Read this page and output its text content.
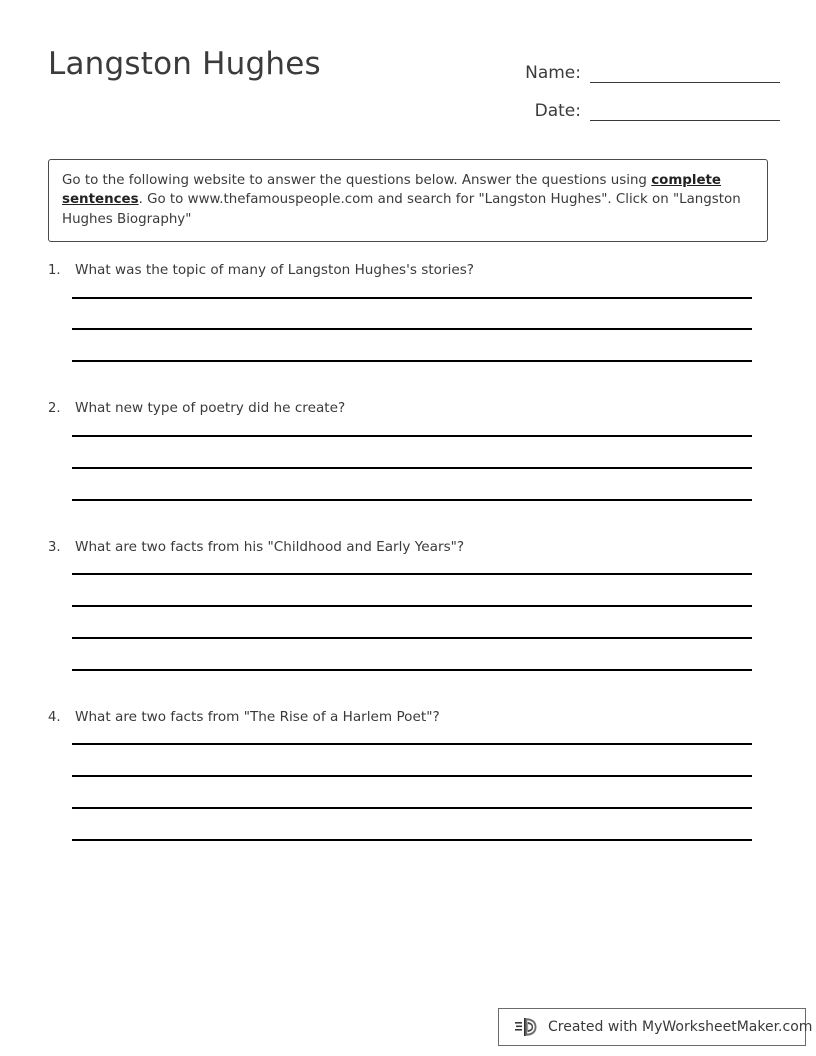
Langston Hughes	Name:
Date:

Go to the following website to answer the questions below. Answer the questions using complete sentences. Go to www.thefamouspeople.com and search for "Langston Hughes". Click on "Langston Hughes Biography"

1.	What was the topic of many of Langston Hughes's stories?
2.	What new type of poetry did he create?
3.	What are two facts from his "Childhood and Early Years"?
4.	What are two facts from "The Rise of a Harlem Poet"?
Created with MyWorksheetMaker.com
